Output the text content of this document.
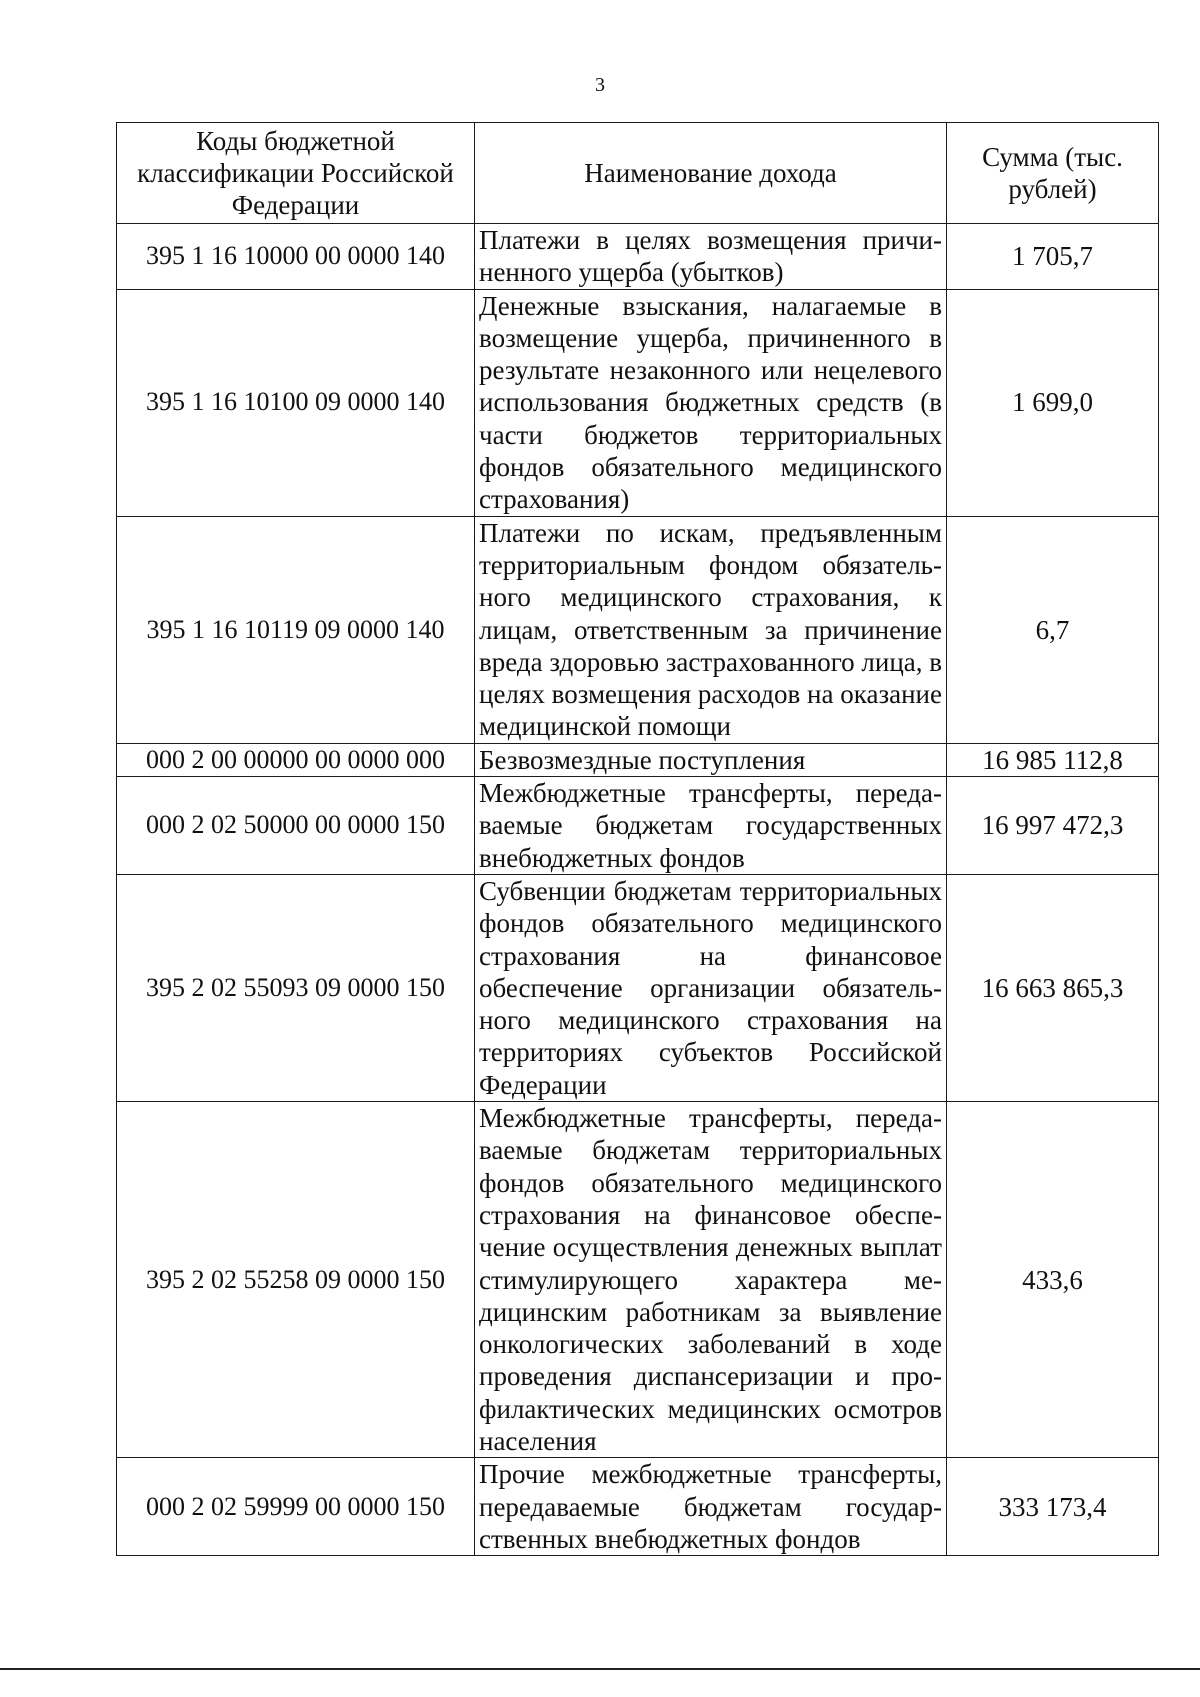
3
Коды бюджетной классификации Российской Федерации	Наименование дохода	Сумма (тыс. рублей)
395 1 16 10000 00 0000 140	Платежи в целях возмещения причиненного ущерба (убытков)	1 705,7
395 1 16 10100 09 0000 140	Денежные взыскания, налагаемые в возмещение ущерба, причиненного в результате незаконного или нецелевого использования бюджетных средств (в части бюджетов территориальных фондов обязательного медицинского страхования)	1 699,0
395 1 16 10119 09 0000 140	Платежи по искам, предъявленным территориальным фондом обязательного медицинского страхования, к лицам, ответственным за причинение вреда здоровью застрахованного лица, в целях возмещения расходов на оказание медицинской помощи	6,7
000 2 00 00000 00 0000 000	Безвозмездные поступления	16 985 112,8
000 2 02 50000 00 0000 150	Межбюджетные трансферты, передаваемые бюджетам государственных внебюджетных фондов	16 997 472,3
395 2 02 55093 09 0000 150	Субвенции бюджетам территориальных фондов обязательного медицинского страхования на финансовое обеспечение организации обязательного медицинского страхования на территориях субъектов Российской Федерации	16 663 865,3
395 2 02 55258 09 0000 150	Межбюджетные трансферты, передаваемые бюджетам территориальных фондов обязательного медицинского страхования на финансовое обеспечение осуществления денежных выплат стимулирующего характера медицинским работникам за выявление онкологических заболеваний в ходе проведения диспансеризации и профилактических медицинских осмотров населения	433,6
000 2 02 59999 00 0000 150	Прочие межбюджетные трансферты, передаваемые бюджетам государственных внебюджетных фондов	333 173,4
